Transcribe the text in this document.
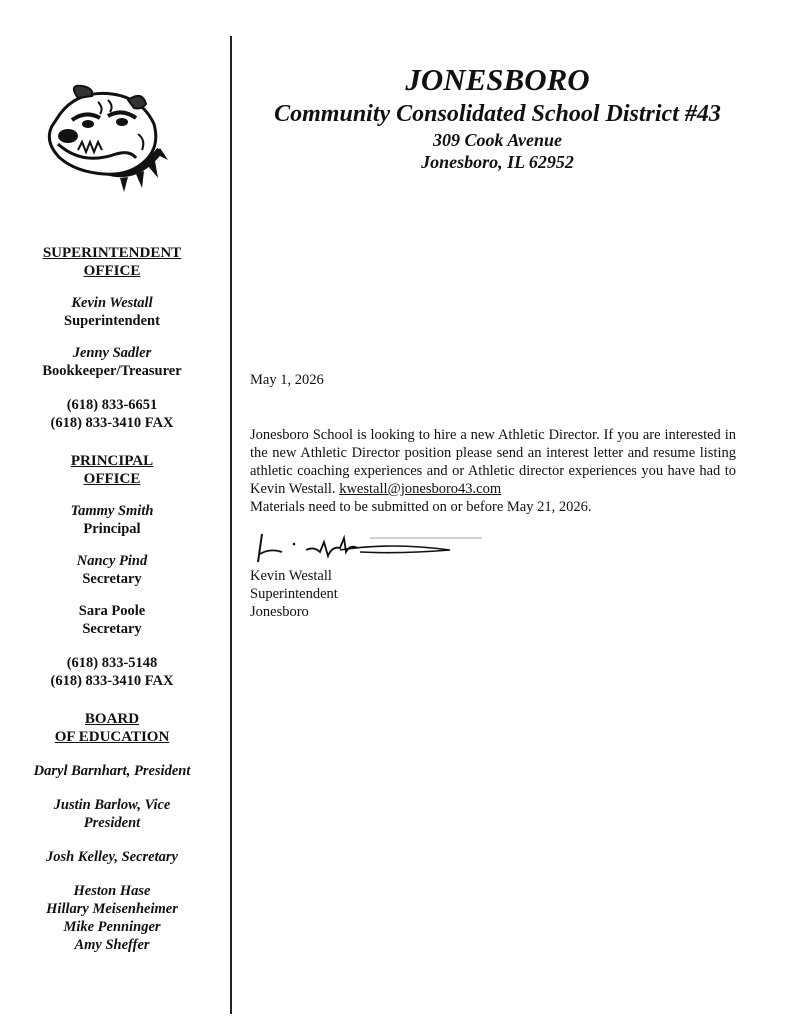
SUPERINTENDENT

OFFICE

Kevin Westall
Superintendent
Jenny Sadler
Bookkeeper/Treasurer
(618) 833-6651
(618) 833-3410 FAX

PRINCIPAL

OFFICE

Tammy Smith
Principal
Nancy Pind
Secretary
Sara Poole
Secretary
(618) 833-5148
(618) 833-3410 FAX

BOARD

OF EDUCATION

Daryl Barnhart, President
Justin Barlow, Vice
President
Josh Kelley, Secretary
Heston Hase
Hillary Meisenheimer
Mike Penninger
Amy Sheffer
JONESBORO
Community Consolidated School District #43
309 Cook Avenue
Jonesboro, IL 62952
May 1, 2026
Jonesboro School is looking to hire a new Athletic Director. If you are interested in the new Athletic Director position please send an interest letter and resume listing athletic coaching experiences and or Athletic director experiences you have had to Kevin Westall. kwestall@jonesboro43.com
Materials need to be submitted on or before May 21, 2026.
Kevin Westall
Superintendent
Jonesboro
